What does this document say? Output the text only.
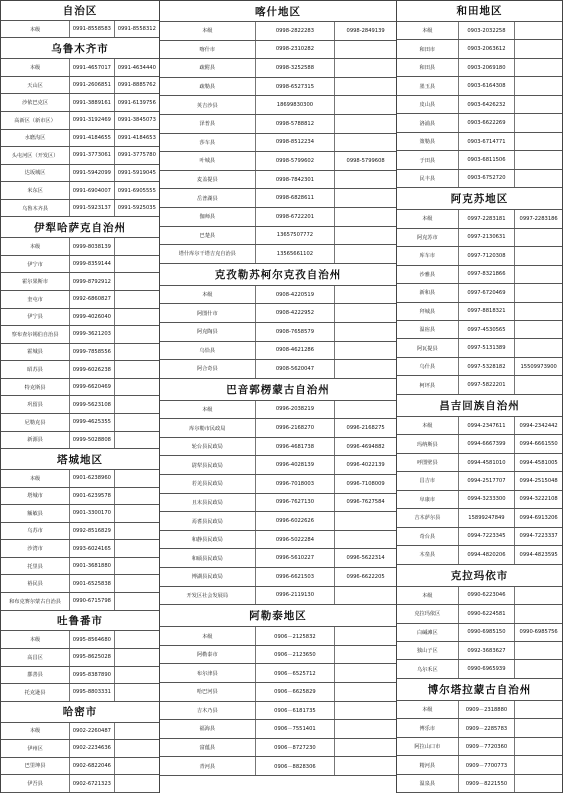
自治区
本级	0991-8558583	0991-8558312
乌鲁木齐市
本级	0991-4657017	0991-4634440
天山区	0991-2606851	0991-8885762
沙依巴克区	0991-3889161	0991-6139756
高新区（新市区）	0991-3192469	0991-3845073
水磨沟区	0991-4184655	0991-4184653
头屯河区（开发区）	0991-3773061	0991-3775780
达坂城区	0991-5942099	0991-5919045
米东区	0991-6904007	0991-6905555
乌鲁木齐县	0991-5923137	0991-5925035
伊犁哈萨克自治州
本级	0999-8038139
伊宁市	0999-8359144
霍尔果斯市	0999-8792912
奎屯市	0992-6860827
伊宁县	0999-4026040
察布查尔锡伯自治县	0999-3621203
霍城县	0999-7858556
昭苏县	0999-6026238
特克斯县	0999-6620469
巩留县	0999-5623108
尼勒克县	0999-4625355
新源县	0999-5028808
塔城地区
本级	0901-6238960
塔城市	0901-6239578
额敏县	0901-3300170
乌苏市	0992-8516829
沙湾市	0993-6024165
托里县	0901-3681880
裕民县	0901-6525838
和布克赛尔蒙古自治县	0990-6715798
吐鲁番市
本级	0995-8564680
高昌区	0995-8625028
鄯善县	0995-8387890
托克逊县	0995-8803331
哈密市
本级	0902-2260487
伊州区	0902-2234636
巴里坤县	0902-6822046
伊吾县	0902-6721323
喀什地区
本级	0998-2822283	0998-2849139
喀什市	0998-2310282
疏附县	0998-3252588
疏勒县	0998-6527315
英吉沙县	18699830300
泽普县	0998-5788812
莎车县	0998-8512234
叶城县	0998-5799602	0998-5799608
麦盖提县	0998-7842301
岳普湖县	0998-6828611
伽师县	0998-6722201
巴楚县	13657507772
塔什库尔干塔吉克自治县	13565661102
克孜勒苏柯尔克孜自治州
本级	0908-4220519
阿图什市	0908-4222952
阿克陶县	0908-7658579
乌恰县	0908-4621286
阿合奇县	0908-5620047
巴音郭楞蒙古自治州
本级	0996-2038219
库尔勒市民政局	0996-2168270	0996-2168275
轮台县民政局	0996-4681738	0996-4694882
尉犁县民政局	0996-4028139	0996-4022139
若羌县民政局	0996-7018003	0996-7108009
且末县民政局	0996-7627130	0996-7627584
焉耆县民政局	0996-6022626
和静县民政局	0996-5022284
和硕县民政局	0996-5610227	0996-5622314
博湖县民政局	0996-6621503	0996-6622205
开发区社会发展局	0996-2119130
阿勒泰地区
本级	0906－2125832
阿勒泰市	0906－2123650
布尔津县	0906－6525712
哈巴河县	0906－6625829
吉木乃县	0906－6181735
福海县	0906－7551401
富蕴县	0906－8727230
青河县	0906－8828306
和田地区
本级	0903-2032258
和田市	0903-2063612
和田县	0903-2069180
墨玉县	0903-6164308
皮山县	0903-6426232
洛浦县	0903-6622269
策勒县	0903-6714771
于田县	0903-6811506
民丰县	0903-6752720
阿克苏地区
本级	0997-2283181	0997-2283186
阿克苏市	0997-2130631
库车市	0997-7120308
沙雅县	0997-8321866
新和县	0997-6720469
拜城县	0997-8818321
温宿县	0997-4530565
阿瓦提县	0997-5131389
乌什县	0997-5328182	15509973900
柯坪县	0997-5822201
昌吉回族自治州
本级	0994-2347611	0994-2342442
玛纳斯县	0994-6667399	0994-6661550
呼图壁县	0994-4581010	0994-4581005
昌吉市	0994-2517707	0994-2515048
阜康市	0994-3233300	0994-3222108
吉木萨尔县	15899247849	0994-6913206
奇台县	0994-7223345	0994-7223337
木垒县	0994-4820206	0994-4823595
克拉玛依市
本级	0990-6223046
克拉玛依区	0990-6224581
白碱滩区	0990-6985150	0990-6985756
独山子区	0992-3683627
乌尔禾区	0990-6965939
博尔塔拉蒙古自治州
本级	0909－2318880
博乐市	0909－2285783
阿拉山口市	0909－7720360
精河县	0909－7700773
温泉县	0909－8221550
